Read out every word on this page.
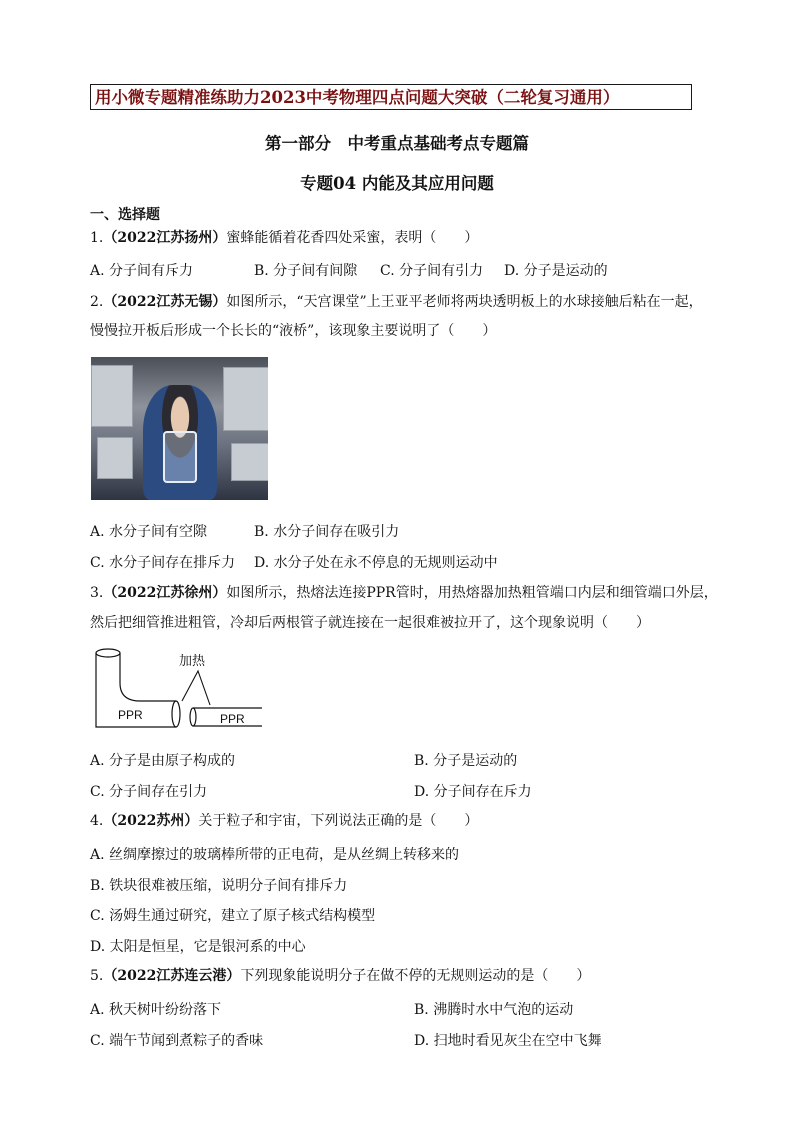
用小微专题精准练助力2023中考物理四点问题大突破（二轮复习通用）
第一部分　中考重点基础考点专题篇
专题04 内能及其应用问题
一、选择题
1.（2022江苏扬州）蜜蜂能循着花香四处采蜜，表明（　　）
A. 分子间有斥力	B. 分子间有间隙 C. 分子间有引力 D. 分子是运动的
2.（2022江苏无锡）如图所示，“天宫课堂”上王亚平老师将两块透明板上的水球接触后粘在一起，
慢慢拉开板后形成一个长长的“液桥”，该现象主要说明了（　　）
A. 水分子间有空隙	B. 水分子间存在吸引力
C. 水分子间存在排斥力 D. 水分子处在永不停息的无规则运动中
3.（2022江苏徐州）如图所示，热熔法连接PPR管时，用热熔器加热粗管端口内层和细管端口外层，
然后把细管推进粗管，冷却后两根管子就连接在一起很难被拉开了，这个现象说明（　　）
加热
PPR	PPR
A. 分子是由原子构成的	B. 分子是运动的
C. 分子间存在引力	D. 分子间存在斥力
4.（2022苏州）关于粒子和宇宙，下列说法正确的是（　　）
A. 丝绸摩擦过的玻璃棒所带的正电荷，是从丝绸上转移来的
B. 铁块很难被压缩，说明分子间有排斥力
C. 汤姆生通过研究，建立了原子核式结构模型
D. 太阳是恒星，它是银河系的中心
5.（2022江苏连云港）下列现象能说明分子在做不停的无规则运动的是（　　）
A. 秋天树叶纷纷落下	B. 沸腾时水中气泡的运动
C. 端午节闻到煮粽子的香味	D. 扫地时看见灰尘在空中飞舞
